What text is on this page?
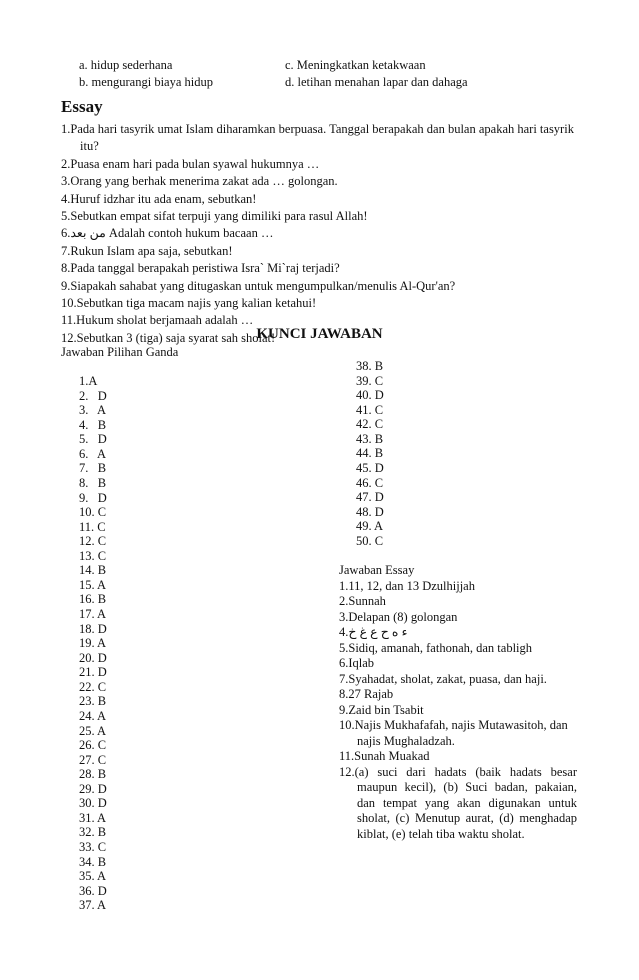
a. hidup sederhana
b. mengurangi biaya hidup
c. Meningkatkan ketakwaan
d. letihan menahan lapar dan dahaga
Essay
1.Pada hari tasyrik umat Islam diharamkan berpuasa. Tanggal berapakah dan bulan apakah hari tasyrik
itu?
2.Puasa enam hari pada bulan syawal hukumnya …
3.Orang yang berhak menerima zakat ada … golongan.
4.Huruf idzhar itu ada enam, sebutkan!
5.Sebutkan empat sifat terpuji yang dimiliki para rasul Allah!
6.من بعد Adalah contoh hukum bacaan …
7.Rukun Islam apa saja, sebutkan!
8.Pada tanggal berapakah peristiwa Isra` Mi`raj terjadi?
9.Siapakah sahabat yang ditugaskan untuk mengumpulkan/menulis Al-Qur'an?
10.Sebutkan tiga macam najis yang kalian ketahui!
11.Hukum sholat berjamaah adalah …
12.Sebutkan 3 (tiga) saja syarat sah sholat!
KUNCI JAWABAN
Jawaban Pilihan Ganda
1.A
2.   D
3.   A
4.   B
5.   D
6.   A
7.   B
8.   B
9.   D
10. C
11. C
12. C
13. C
14. B
15. A
16. B
17. A
18. D
19. A
20. D
21. D
22. C
23. B
24. A
25. A
26. C
27. C
28. B
29. D
30. D
31. A
32. B
33. C
34. B
35. A
36. D
37. A
38. B
39. C
40. D
41. C
42. C
43. B
44. B
45. D
46. C
47. D
48. D
49. A
50. C
Jawaban Essay
1.11, 12, dan 13 Dzulhijjah
2.Sunnah
3.Delapan (8) golongan
4.ء ه ح ع غ خ
5.Sidiq, amanah, fathonah, dan tabligh
6.Iqlab
7.Syahadat, sholat, zakat, puasa, dan haji.
8.27 Rajab
9.Zaid bin Tsabit
10.Najis Mukhafafah, najis Mutawasitoh, dan
najis Mughaladzah.
11.Sunah Muakad
12.(a) suci dari hadats (baik hadats besar
maupun kecil), (b) Suci badan, pakaian, dan tempat yang akan digunakan untuk sholat, (c) Menutup aurat, (d) menghadap kiblat, (e) telah tiba waktu sholat.
